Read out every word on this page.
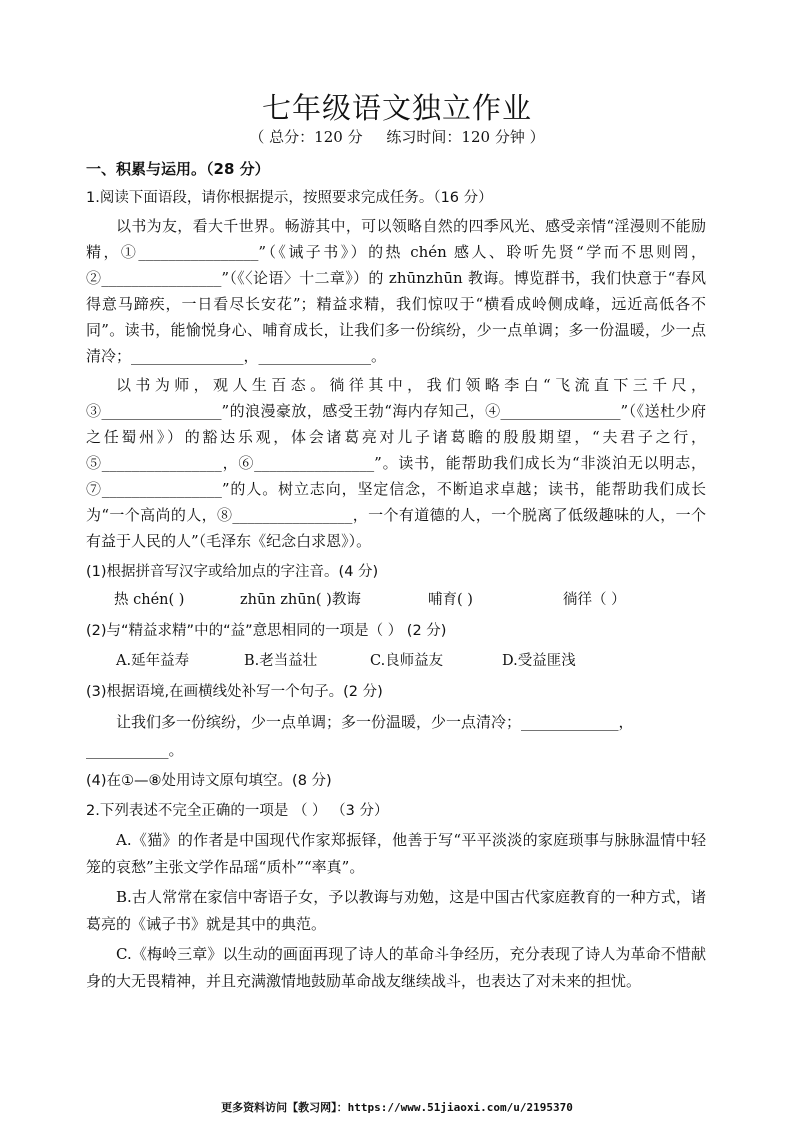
七年级语文独立作业
（ 总分：120 分     练习时间：120 分钟 ）
一、积累与运用。（28 分）
1.阅读下面语段，请你根据提示，按照要求完成任务。（16 分）

以书为友，看大千世界。畅游其中，可以领略自然的四季风光、感受亲情“淫漫则不能励精，①________________”（《诫子书》）的热 chén 感人、聆听先贤“学而不思则罔，②________________”（《〈论语〉十二章》）的 zhūnzhūn 教诲。博览群书，我们快意于“春风得意马蹄疾，一日看尽长安花”；精益求精，我们惊叹于“横看成岭侧成峰，远近高低各不同”。读书，能愉悦身心、哺育成长，让我们多一份缤纷，少一点单调；多一份温暖，少一点清冷；_______________，_______________。

以书为师，观人生百态。徜徉其中，我们领略李白“飞流直下三千尺，③________________”的浪漫豪放，感受王勃“海内存知己，④________________”（《送杜少府之任蜀州》）的豁达乐观，体会诸葛亮对儿子诸葛瞻的殷殷期望，“夫君子之行，⑤________________，⑥________________”。读书，能帮助我们成长为“非淡泊无以明志，⑦________________”的人。树立志向，坚定信念，不断追求卓越；读书，能帮助我们成长为“一个高尚的人，⑧________________，一个有道德的人，一个脱离了低级趣味的人，一个有益于人民的人”（毛泽东《纪念白求恩》）。

(1)根据拼音写汉字或给加点的字注音。(4 分)
热 chén( )	zhūn zhūn( )教诲	哺育( )	徜徉（ ）
(2)与“精益求精”中的“益”意思相同的一项是（ ） (2 分)
A.延年益寿	B.老当益壮	C.良师益友	D.受益匪浅
(3)根据语境,在画横线处补写一个句子。(2 分)

让我们多一份缤纷，少一点单调；多一份温暖，少一点清冷；_____________，

___________。

(4)在①—⑧处用诗文原句填空。(8 分)
2.下列表述不完全正确的一项是 （ ） （3 分）

A.《猫》的作者是中国现代作家郑振铎，他善于写“平平淡淡的家庭琐事与脉脉温情中轻笼的哀愁”主张文学作品瑶“质朴”“率真”。

B.古人常常在家信中寄语子女，予以教诲与劝勉，这是中国古代家庭教育的一种方式，诸葛亮的《诫子书》就是其中的典范。

C.《梅岭三章》以生动的画面再现了诗人的革命斗争经历，充分表现了诗人为革命不惜献身的大无畏精神，并且充满激情地鼓励革命战友继续战斗，也表达了对未来的担忧。

更多资料访问【教习网】：https://www.51jiaoxi.com/u/2195370
